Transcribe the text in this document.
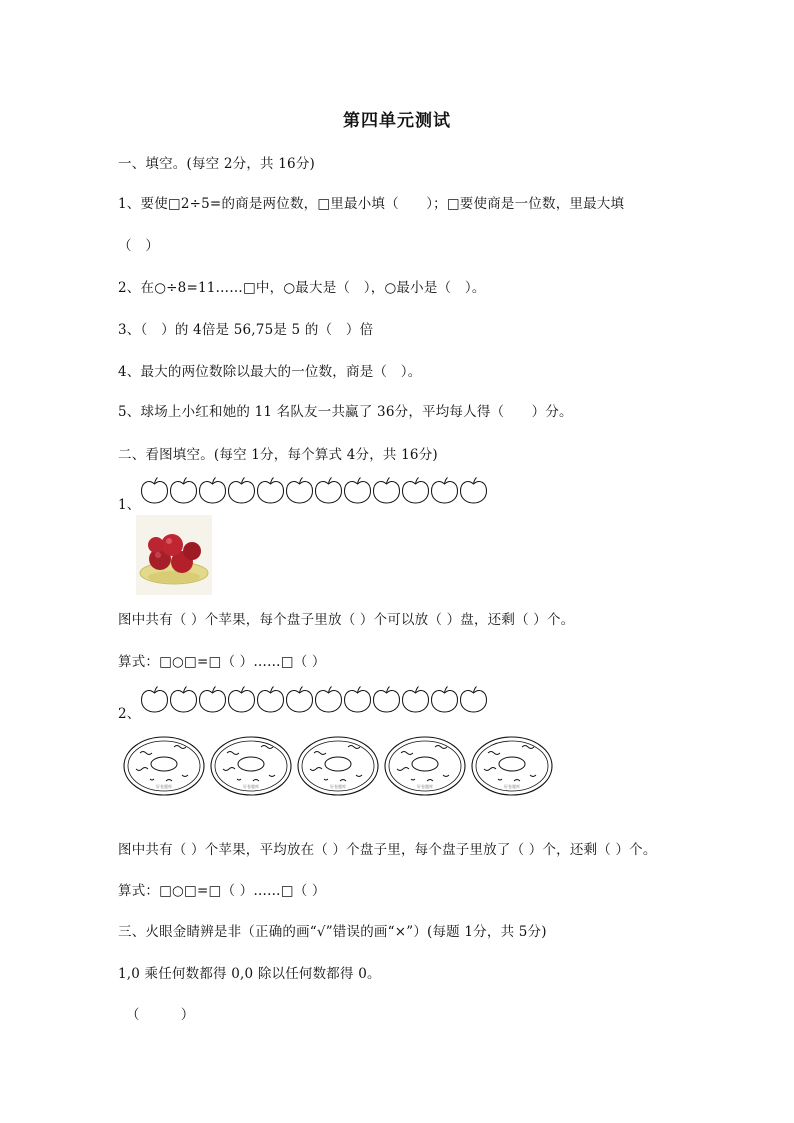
第四单元测试
一、填空。(每空 2分，共 16分)
1、要使□2÷5=的商是两位数，□里最小填（　　）；□要使商是一位数，里最大填
（　）
2、在○÷8=11……□中，○最大是（　），○最小是（　）。
3、（　）的 4倍是 56,75是 5 的（　）倍
4、最大的两位数除以最大的一位数，商是（　）。
5、球场上小红和她的 11 名队友一共赢了 36分，平均每人得（　　）分。
二、看图填空。(每空 1分，每个算式 4分，共 16分)
1、
图中共有（ ）个苹果，每个盘子里放（ ）个可以放（ ）盘，还剩（ ）个。
算式：□○□=□（ ）……□（ ）
2、
好卷题库	好卷题库	好卷题库	好卷题库	好卷题库
图中共有（ ）个苹果，平均放在（ ）个盘子里，每个盘子里放了（ ）个，还剩（ ）个。
算式：□○□=□（ ）……□（ ）
三、火眼金睛辨是非（正确的画“√”错误的画“×”）(每题 1分，共 5分)
1,0 乘任何数都得 0,0 除以任何数都得 0。
（　　　）
